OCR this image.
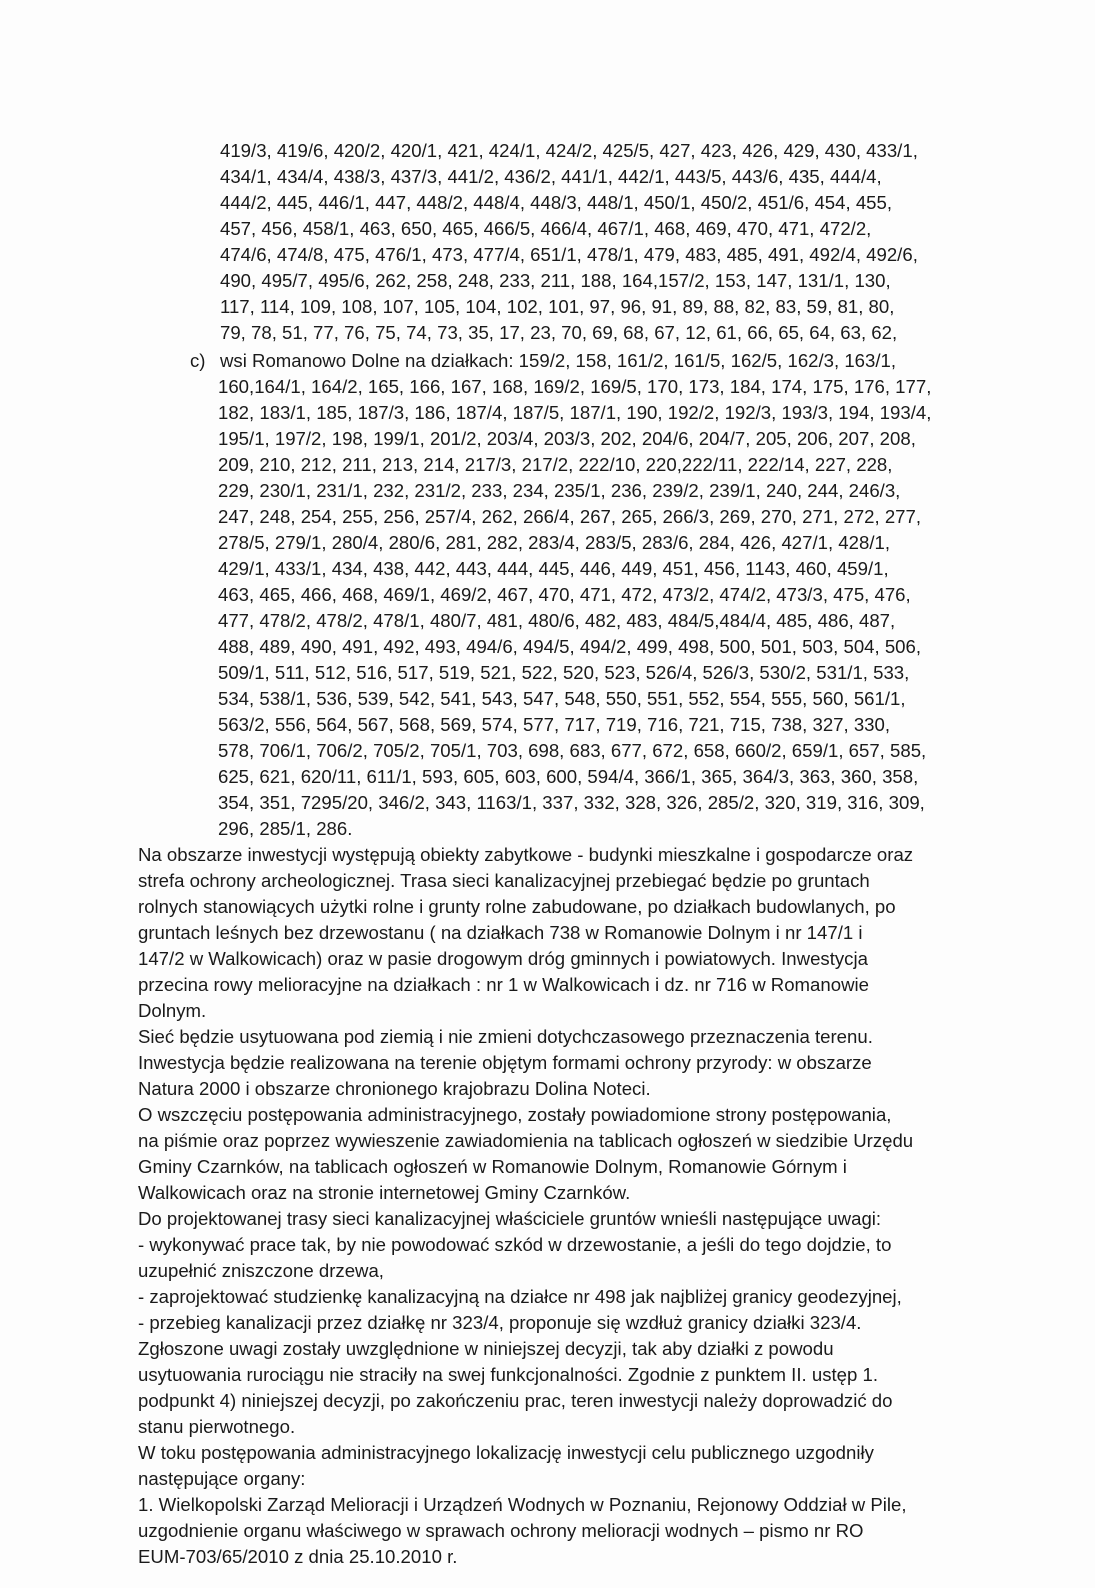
419/3, 419/6, 420/2, 420/1, 421, 424/1, 424/2, 425/5, 427, 423, 426, 429, 430, 433/1,
434/1, 434/4, 438/3, 437/3, 441/2, 436/2, 441/1, 442/1, 443/5, 443/6, 435, 444/4,
444/2, 445, 446/1, 447, 448/2, 448/4, 448/3, 448/1, 450/1, 450/2, 451/6, 454, 455,
457, 456, 458/1, 463, 650, 465, 466/5, 466/4, 467/1, 468, 469, 470, 471, 472/2,
474/6, 474/8, 475, 476/1, 473, 477/4, 651/1, 478/1, 479, 483, 485, 491, 492/4, 492/6,
490, 495/7, 495/6, 262, 258, 248, 233, 211, 188, 164,157/2, 153, 147, 131/1, 130,
117, 114, 109, 108, 107, 105, 104, 102, 101, 97, 96, 91, 89, 88, 82, 83, 59, 81, 80,
79, 78, 51, 77, 76, 75, 74, 73, 35, 17, 23, 70, 69, 68, 67, 12, 61, 66, 65, 64, 63, 62,
c) wsi Romanowo Dolne na działkach: 159/2, 158, 161/2, 161/5, 162/5, 162/3, 163/1,
160,164/1, 164/2, 165, 166, 167, 168, 169/2, 169/5, 170, 173, 184, 174, 175, 176, 177,
182, 183/1, 185, 187/3, 186, 187/4, 187/5, 187/1, 190, 192/2, 192/3, 193/3, 194, 193/4,
195/1, 197/2, 198, 199/1, 201/2, 203/4, 203/3, 202, 204/6, 204/7, 205, 206, 207, 208,
209, 210, 212, 211, 213, 214, 217/3, 217/2, 222/10, 220,222/11, 222/14, 227, 228,
229, 230/1, 231/1, 232, 231/2, 233, 234, 235/1, 236, 239/2, 239/1, 240, 244, 246/3,
247, 248, 254, 255, 256, 257/4, 262, 266/4, 267, 265, 266/3, 269, 270, 271, 272, 277,
278/5, 279/1, 280/4, 280/6, 281, 282, 283/4, 283/5, 283/6, 284, 426, 427/1, 428/1,
429/1, 433/1, 434, 438, 442, 443, 444, 445, 446, 449, 451, 456, 1143, 460, 459/1,
463, 465, 466, 468, 469/1, 469/2, 467, 470, 471, 472, 473/2, 474/2, 473/3, 475, 476,
477, 478/2, 478/2, 478/1, 480/7, 481, 480/6, 482, 483, 484/5,484/4, 485, 486, 487,
488, 489, 490, 491, 492, 493, 494/6, 494/5, 494/2, 499, 498, 500, 501, 503, 504, 506,
509/1, 511, 512, 516, 517, 519, 521, 522, 520, 523, 526/4, 526/3, 530/2, 531/1, 533,
534, 538/1, 536, 539, 542, 541, 543, 547, 548, 550, 551, 552, 554, 555, 560, 561/1,
563/2, 556, 564, 567, 568, 569, 574, 577, 717, 719, 716, 721, 715, 738, 327, 330,
578, 706/1, 706/2, 705/2, 705/1, 703, 698, 683, 677, 672, 658, 660/2, 659/1, 657, 585,
625, 621, 620/11, 611/1, 593, 605, 603, 600, 594/4, 366/1, 365, 364/3, 363, 360, 358,
354, 351, 7295/20, 346/2, 343, 1163/1, 337, 332, 328, 326, 285/2, 320, 319, 316, 309,
296, 285/1, 286.
Na obszarze inwestycji występują obiekty zabytkowe - budynki mieszkalne i gospodarcze oraz
strefa ochrony archeologicznej. Trasa sieci kanalizacyjnej przebiegać będzie po gruntach
rolnych stanowiących użytki rolne i grunty rolne zabudowane, po działkach budowlanych, po
gruntach leśnych bez drzewostanu ( na działkach 738 w Romanowie Dolnym i nr 147/1 i
147/2 w Walkowicach) oraz w pasie drogowym dróg gminnych i powiatowych. Inwestycja
przecina rowy melioracyjne na działkach : nr 1 w Walkowicach i dz. nr 716 w Romanowie
Dolnym.
Sieć będzie usytuowana pod ziemią i nie zmieni dotychczasowego przeznaczenia terenu.
Inwestycja będzie realizowana na terenie objętym formami ochrony przyrody: w obszarze
Natura 2000 i obszarze chronionego krajobrazu Dolina Noteci.
O wszczęciu postępowania administracyjnego, zostały powiadomione strony postępowania,
na piśmie oraz poprzez wywieszenie zawiadomienia na tablicach ogłoszeń w siedzibie Urzędu
Gminy Czarnków, na tablicach ogłoszeń w Romanowie Dolnym, Romanowie Górnym i
Walkowicach oraz na stronie internetowej Gminy Czarnków.
Do projektowanej trasy sieci kanalizacyjnej właściciele gruntów wnieśli następujące uwagi:
- wykonywać prace tak, by nie powodować szkód w drzewostanie, a jeśli do tego dojdzie, to
uzupełnić zniszczone drzewa,
- zaprojektować studzienkę kanalizacyjną na działce nr 498 jak najbliżej granicy geodezyjnej,
- przebieg kanalizacji przez działkę nr 323/4, proponuje się wzdłuż granicy działki 323/4.
Zgłoszone uwagi zostały uwzględnione w niniejszej decyzji, tak aby działki z powodu
usytuowania rurociągu nie straciły na swej funkcjonalności. Zgodnie z punktem II. ustęp 1.
podpunkt 4) niniejszej decyzji, po zakończeniu prac, teren inwestycji należy doprowadzić do
stanu pierwotnego.
W toku postępowania administracyjnego lokalizację inwestycji celu publicznego uzgodniły
następujące organy:
1. Wielkopolski Zarząd Melioracji i Urządzeń Wodnych w Poznaniu, Rejonowy Oddział w Pile,
uzgodnienie organu właściwego w sprawach ochrony melioracji wodnych – pismo nr RO
EUM-703/65/2010 z dnia 25.10.2010 r.
